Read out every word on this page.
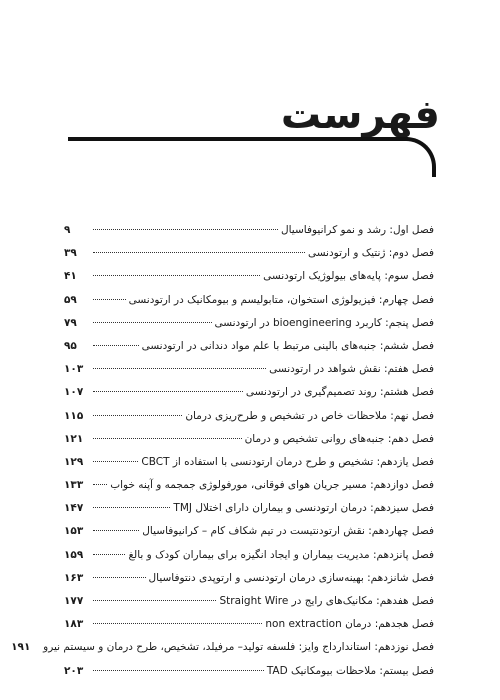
فهرست
فصل اول: رشد و نمو کرانیوفاسیال
۹
فصل دوم: ژنتیک و ارتودنسی
۳۹
فصل سوم: پایه‌های بیولوژیک ارتودنسی
۴۱
فصل چهارم: فیزیولوژی استخوان، متابولیسم و بیومکانیک در ارتودنسی
۵۹
فصل پنجم: کاربرد bioengineering در ارتودنسی
۷۹
فصل ششم: جنبه‌های بالینی مرتبط با علم مواد دندانی در ارتودنسی
۹۵
فصل هفتم: نقش شواهد در ارتودنسی
۱۰۳
فصل هشتم: روند تصمیم‌گیری در ارتودنسی
۱۰۷
فصل نهم: ملاحظات خاص در تشخیص و طرح‌ریزی درمان
۱۱۵
فصل دهم: جنبه‌های روانی تشخیص و درمان
۱۲۱
فصل یازدهم: تشخیص و طرح درمان ارتودنسی با استفاده از CBCT
۱۲۹
فصل دوازدهم: مسیر جریان هوای فوقانی، مورفولوژی جمجمه و آپنه خواب
۱۳۳
فصل سیزدهم: درمان ارتودنسی و بیماران دارای اختلال TMJ
۱۴۷
فصل چهاردهم: نقش ارتودنتیست در تیم شکاف کام – کرانیوفاسیال
۱۵۳
فصل پانزدهم: مدیریت بیماران و ایجاد انگیزه برای بیماران کودک و بالغ
۱۵۹
فصل شانزدهم: بهینه‌سازی درمان ارتودنسی و ارتوپدی دنتوفاسیال
۱۶۳
فصل هفدهم: مکانیک‌های رایج در Straight Wire
۱۷۷
فصل هجدهم: درمان non extraction
۱۸۳
فصل نوزدهم: استاندارداج وایز: فلسفه تولید– مرفیلد، تشخیص، طرح درمان و سیستم نیرو
۱۹۱
فصل بیستم: ملاحظات بیومکانیک TAD
۲۰۳
